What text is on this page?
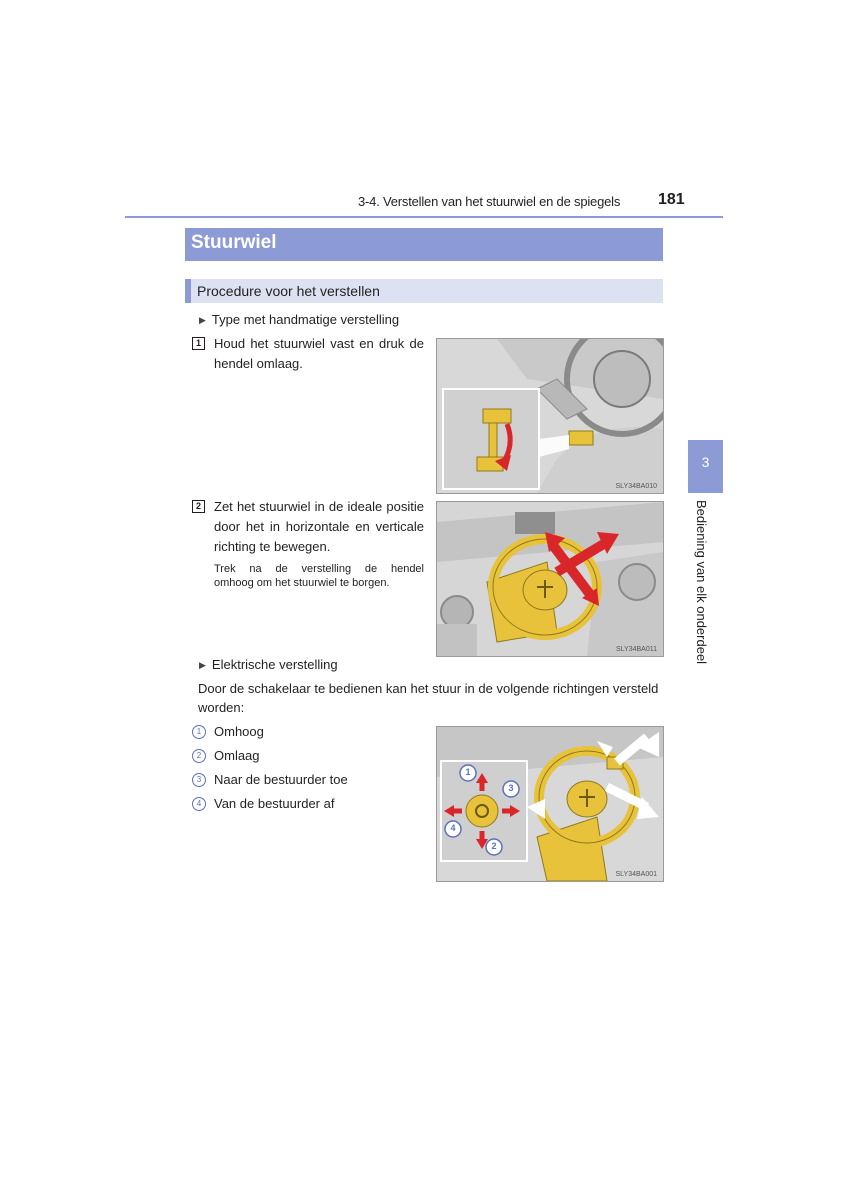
3-4. Verstellen van het stuurwiel en de spiegels 181
Stuurwiel
Procedure voor het verstellen
▶ Type met handmatige verstelling
1	Houd het stuurwiel vast en druk de
hendel omlaag.
SLY34BA010
2	Zet het stuurwiel in de ideale positie
door het in horizontale en verticale
richting te bewegen.
Trek na de verstelling de hendel
omhoog om het stuurwiel te borgen.
SLY34BA011
▶ Elektrische verstelling
Door de schakelaar te bedienen kan het stuur in de volgende richtingen versteld
worden:
1 Omhoog
2 Omlaag
3 Naar de bestuurder toe
4 Van de bestuurder af
1
2
3
4
SLY34BA001
3
Bediening van elk onderdeel
